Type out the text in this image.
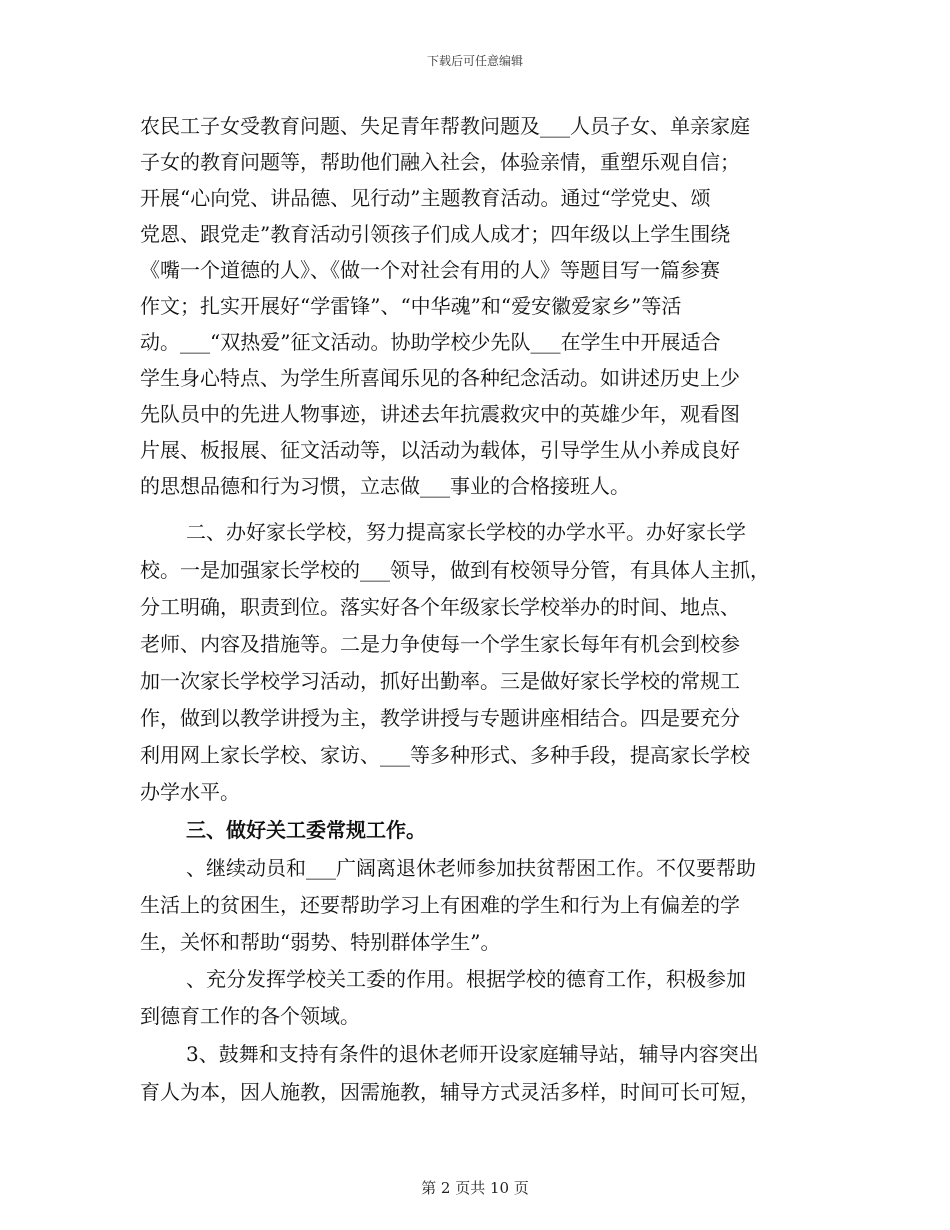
下载后可任意编辑
农民工子女受教育问题、失足青年帮教问题及___人员子女、单亲家庭
子女的教育问题等，帮助他们融入社会，体验亲情，重塑乐观自信；
开展“心向党、讲品德、见行动”主题教育活动。通过“学党史、颂
党恩、跟党走”教育活动引领孩子们成人成才；四年级以上学生围绕
《嘴一个道德的人》、《做一个对社会有用的人》等题目写一篇参赛
作文；扎实开展好“学雷锋”、“中华魂”和“爱安徽爱家乡”等活
动。___“双热爱”征文活动。协助学校少先队___在学生中开展适合
学生身心特点、为学生所喜闻乐见的各种纪念活动。如讲述历史上少
先队员中的先进人物事迹，讲述去年抗震救灾中的英雄少年，观看图
片展、板报展、征文活动等，以活动为载体，引导学生从小养成良好
的思想品德和行为习惯，立志做___事业的合格接班人。
二、办好家长学校，努力提高家长学校的办学水平。办好家长学
校。一是加强家长学校的___领导，做到有校领导分管，有具体人主抓，
分工明确，职责到位。落实好各个年级家长学校举办的时间、地点、
老师、内容及措施等。二是力争使每一个学生家长每年有机会到校参
加一次家长学校学习活动，抓好出勤率。三是做好家长学校的常规工
作，做到以教学讲授为主，教学讲授与专题讲座相结合。四是要充分
利用网上家长学校、家访、___等多种形式、多种手段，提高家长学校
办学水平。
三、做好关工委常规工作。
、继续动员和___广阔离退休老师参加扶贫帮困工作。不仅要帮助
生活上的贫困生，还要帮助学习上有困难的学生和行为上有偏差的学
生，关怀和帮助“弱势、特别群体学生”。
、充分发挥学校关工委的作用。根据学校的德育工作，积极参加
到德育工作的各个领域。
3、鼓舞和支持有条件的退休老师开设家庭辅导站，辅导内容突出
育人为本，因人施教，因需施教，辅导方式灵活多样，时间可长可短，
第 2 页共 10 页
